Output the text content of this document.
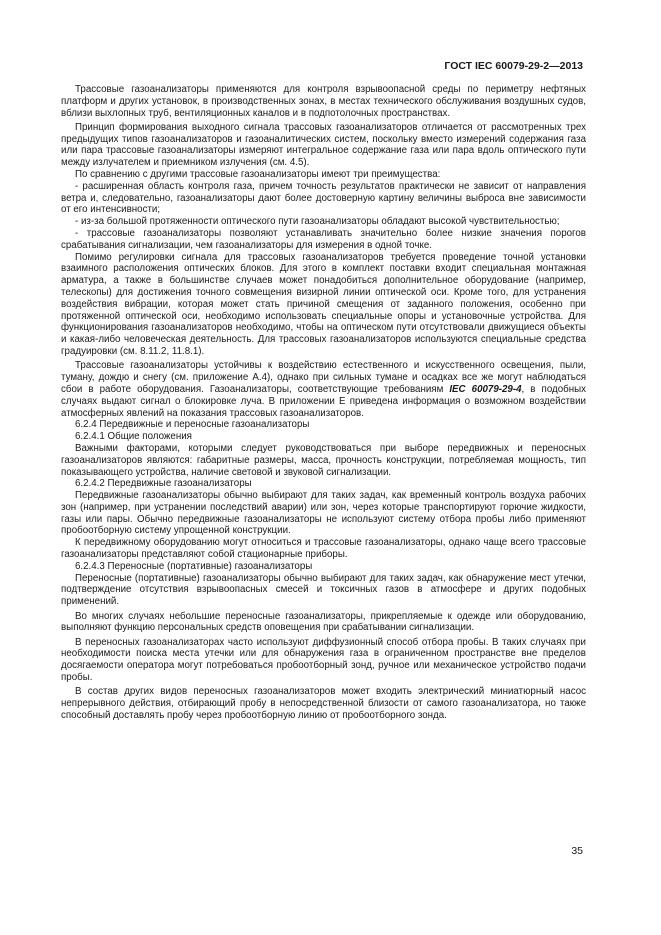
ГОСТ IEC 60079-29-2—2013

Трассовые газоанализаторы применяются для контроля взрывоопасной среды по периметру нефтяных платформ и других установок, в производственных зонах, в местах технического обслуживания воздушных судов, вблизи выхлопных труб, вентиляционных каналов и в подпотолочных пространствах.

Принцип формирования выходного сигнала трассовых газоанализаторов отличается от рассмотренных трех предыдущих типов газоанализаторов и газоаналитических систем, поскольку вместо измерений содержания газа или пара трассовые газоанализаторы измеряют интегральное содержание газа или пара вдоль оптического пути между излучателем и приемником излучения (см. 4.5).

По сравнению с другими трассовые газоанализаторы имеют три преимущества:

- расширенная область контроля газа, причем точность результатов практически не зависит от направления ветра и, следовательно, газоанализаторы дают более достоверную картину величины выброса вне зависимости от его интенсивности;

- из-за большой протяженности оптического пути газоанализаторы обладают высокой чувствительностью;

- трассовые газоанализаторы позволяют устанавливать значительно более низкие значения порогов срабатывания сигнализации, чем газоанализаторы для измерения в одной точке.

Помимо регулировки сигнала для трассовых газоанализаторов требуется проведение точной установки взаимного расположения оптических блоков. Для этого в комплект поставки входит специальная монтажная арматура, а также в большинстве случаев может понадобиться дополнительное оборудование (например, телескопы) для достижения точного совмещения визирной линии оптической оси. Кроме того, для устранения воздействия вибрации, которая может стать причиной смещения от заданного положения, особенно при протяженной оптической оси, необходимо использовать специальные опоры и установочные устройства. Для функционирования газоанализаторов необходимо, чтобы на оптическом пути отсутствовали движущиеся объекты и какая-либо человеческая деятельность. Для трассовых газоанализаторов используются специальные средства градуировки (см. 8.11.2, 11.8.1).

Трассовые газоанализаторы устойчивы к воздействию естественного и искусственного освещения, пыли, туману, дождю и снегу (см. приложение А.4), однако при сильных тумане и осадках все же могут наблюдаться сбои в работе оборудования. Газоанализаторы, соответствующие требованиям IEC 60079-29-4, в подобных случаях выдают сигнал о блокировке луча. В приложении Е приведена информация о возможном воздействии атмосферных явлений на показания трассовых газоанализаторов.

6.2.4 Передвижные и переносные газоанализаторы

6.2.4.1 Общие положения

Важными факторами, которыми следует руководствоваться при выборе передвижных и переносных газоанализаторов являются: габаритные размеры, масса, прочность конструкции, потребляемая мощность, тип показывающего устройства, наличие световой и звуковой сигнализации.

6.2.4.2 Передвижные газоанализаторы

Передвижные газоанализаторы обычно выбирают для таких задач, как временный контроль воздуха рабочих зон (например, при устранении последствий аварии) или зон, через которые транспортируют горючие жидкости, газы или пары. Обычно передвижные газоанализаторы не используют систему отбора пробы либо применяют пробоотборную систему упрощенной конструкции.

К передвижному оборудованию могут относиться и трассовые газоанализаторы, однако чаще всего трассовые газоанализаторы представляют собой стационарные приборы.

6.2.4.3 Переносные (портативные) газоанализаторы

Переносные (портативные) газоанализаторы обычно выбирают для таких задач, как обнаружение мест утечки, подтверждение отсутствия взрывоопасных смесей и токсичных газов в атмосфере и других подобных применений.

Во многих случаях небольшие переносные газоанализаторы, прикрепляемые к одежде или оборудованию, выполняют функцию персональных средств оповещения при срабатывании сигнализации.

В переносных газоанализаторах часто используют диффузионный способ отбора пробы. В таких случаях при необходимости поиска места утечки или для обнаружения газа в ограниченном пространстве вне пределов досягаемости оператора могут потребоваться пробоотборный зонд, ручное или механическое устройство подачи пробы.

В состав других видов переносных газоанализаторов может входить электрический миниатюрный насос непрерывного действия, отбирающий пробу в непосредственной близости от самого газоанализатора, но также способный доставлять пробу через пробоотборную линию от пробоотборного зонда.

35
